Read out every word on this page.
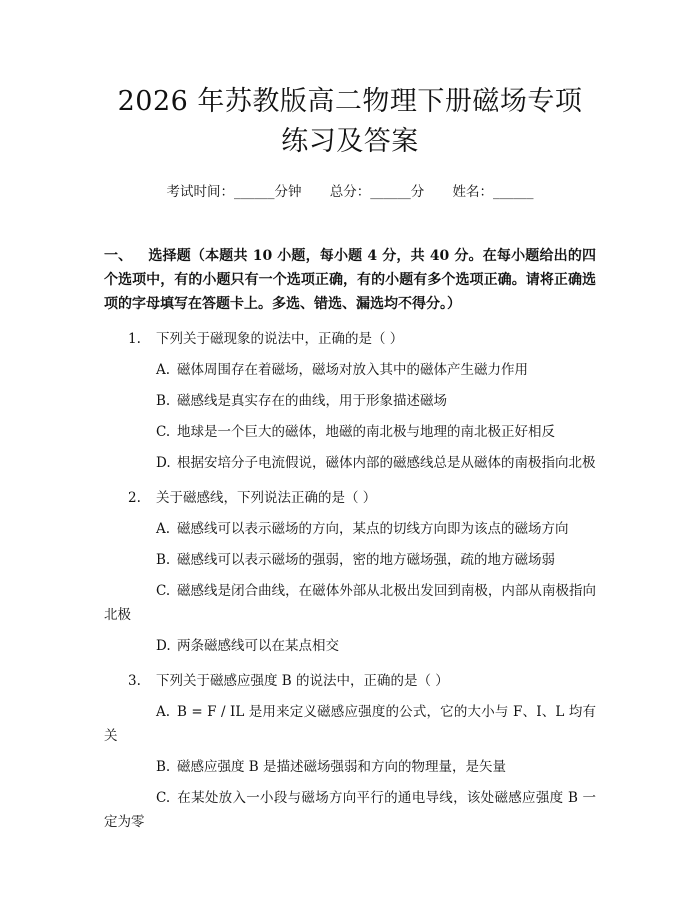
2026 年苏教版高二物理下册磁场专项练习及答案
考试时间：______分钟 总分：______分 姓名：______
一、 选择题（本题共 10 小题，每小题 4 分，共 40 分。在每小题给出的四个选项中，有的小题只有一个选项正确，有的小题有多个选项正确。请将正确选项的字母填写在答题卡上。多选、错选、漏选均不得分。）
1. 下列关于磁现象的说法中，正确的是（ ）
A. 磁体周围存在着磁场，磁场对放入其中的磁体产生磁力作用
B. 磁感线是真实存在的曲线，用于形象描述磁场
C. 地球是一个巨大的磁体，地磁的南北极与地理的南北极正好相反
D. 根据安培分子电流假说，磁体内部的磁感线总是从磁体的南极指向北极
2. 关于磁感线，下列说法正确的是（ ）
A. 磁感线可以表示磁场的方向，某点的切线方向即为该点的磁场方向
B. 磁感线可以表示磁场的强弱，密的地方磁场强，疏的地方磁场弱
C. 磁感线是闭合曲线，在磁体外部从北极出发回到南极，内部从南极指向北极
D. 两条磁感线可以在某点相交
3. 下列关于磁感应强度 B 的说法中，正确的是（ ）
A. B = F / IL 是用来定义磁感应强度的公式，它的大小与 F、I、L 均有关
B. 磁感应强度 B 是描述磁场强弱和方向的物理量，是矢量
C. 在某处放入一小段与磁场方向平行的通电导线，该处磁感应强度 B 一定为零
